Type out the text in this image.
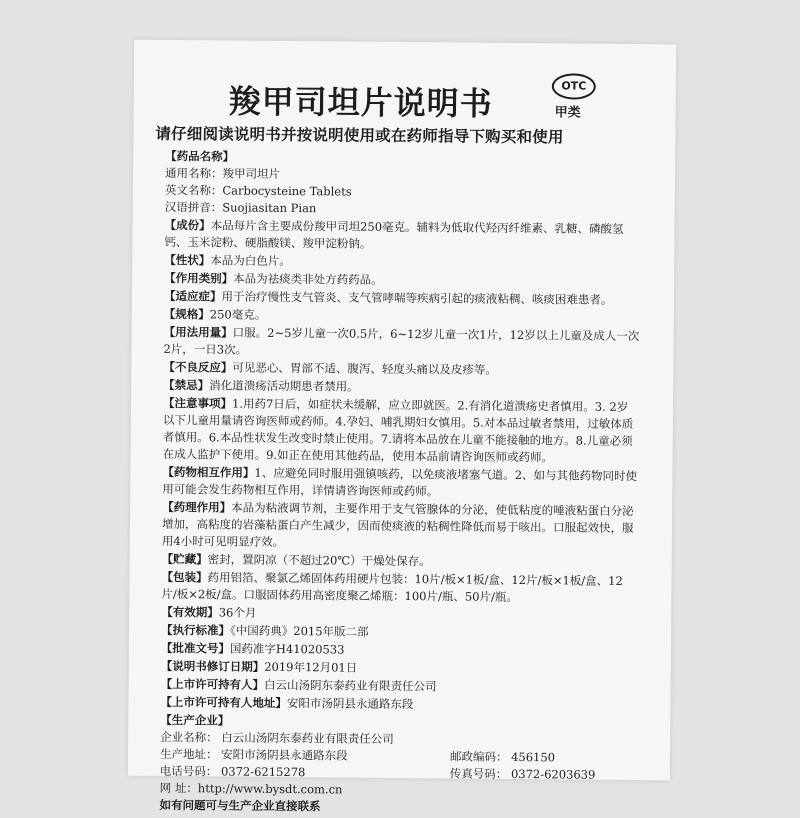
羧甲司坦片说明书	OTC
甲类
请仔细阅读说明书并按说明使用或在药师指导下购买和使用
【药品名称】
通用名称：羧甲司坦片
英文名称：Carbocysteine Tablets
汉语拼音：Suojiasitan Pian
【成份】本品每片含主要成份羧甲司坦250毫克。辅料为低取代羟丙纤维素、乳糖、磷酸氢钙、玉米淀粉、硬脂酸镁、羧甲淀粉钠。
【性状】本品为白色片。
【作用类别】本品为祛痰类非处方药药品。
【适应症】用于治疗慢性支气管炎、支气管哮喘等疾病引起的痰液粘稠、咳痰困难患者。
【规格】250毫克。
【用法用量】口服。2~5岁儿童一次0.5片，6~12岁儿童一次1片，12岁以上儿童及成人一次2片，一日3次。
【不良反应】可见恶心、胃部不适、腹泻、轻度头痛以及皮疹等。
【禁忌】消化道溃疡活动期患者禁用。
【注意事项】1.用药7日后，如症状未缓解，应立即就医。2.有消化道溃疡史者慎用。3. 2岁以下儿童用量请咨询医师或药师。4.孕妇、哺乳期妇女慎用。5.对本品过敏者禁用，过敏体质者慎用。6.本品性状发生改变时禁止使用。7.请将本品放在儿童不能接触的地方。8.儿童必须在成人监护下使用。9.如正在使用其他药品，使用本品前请咨询医师或药师。
【药物相互作用】1、应避免同时服用强镇咳药，以免痰液堵塞气道。2、如与其他药物同时使用可能会发生药物相互作用，详情请咨询医师或药师。
【药理作用】本品为粘液调节剂，主要作用于支气管腺体的分泌，使低粘度的唾液粘蛋白分泌增加，高粘度的岩藻粘蛋白产生减少，因而使痰液的粘稠性降低而易于咳出。口服起效快，服用4小时可见明显疗效。
【贮藏】密封，置阴凉（不超过20℃）干燥处保存。
【包装】药用铝箔、聚氯乙烯固体药用硬片包装：10片/板×1板/盒、12片/板×1板/盒、12片/板×2板/盒。口服固体药用高密度聚乙烯瓶：100片/瓶、50片/瓶。
【有效期】36个月
【执行标准】《中国药典》2015年版二部
【批准文号】国药准字H41020533
【说明书修订日期】2019年12月01日
【上市许可持有人】白云山汤阴东泰药业有限责任公司
【上市许可持有人地址】安阳市汤阴县永通路东段
【生产企业】
企业名称： 白云山汤阴东泰药业有限责任公司
生产地址： 安阳市汤阴县永通路东段	邮政编码： 456150
电话号码： 0372-6215278	传真号码： 0372-6203639
网 址：http://www.bysdt.com.cn
如有问题可与生产企业直接联系
